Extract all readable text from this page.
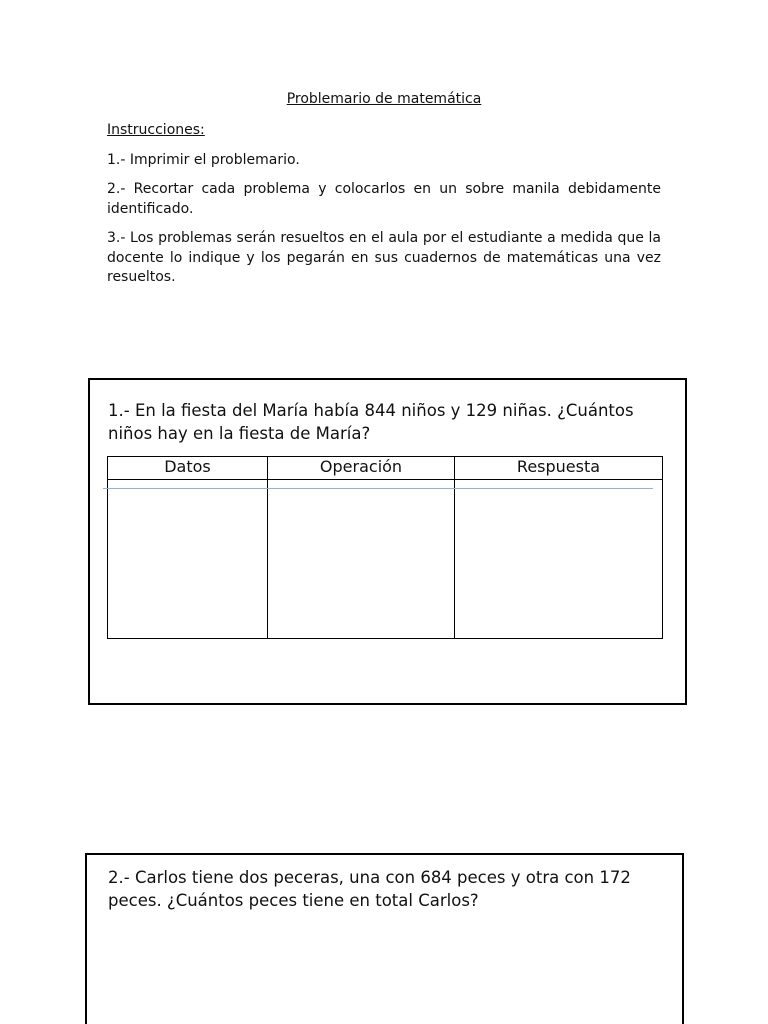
Problemario de matemática

Instrucciones:

1.- Imprimir el problemario.

2.- Recortar cada problema y colocarlos en un sobre manila debidamente identificado.

3.- Los problemas serán resueltos en el aula por el estudiante a medida que la docente lo indique y los pegarán en sus cuadernos de matemáticas una vez resueltos.

1.- En la fiesta del María había 844 niños y 129 niñas. ¿Cuántos niños hay en la fiesta de María?

Datos	Operación	Respuesta

2.- Carlos tiene dos peceras, una con 684 peces y otra con 172 peces. ¿Cuántos peces tiene en total Carlos?
